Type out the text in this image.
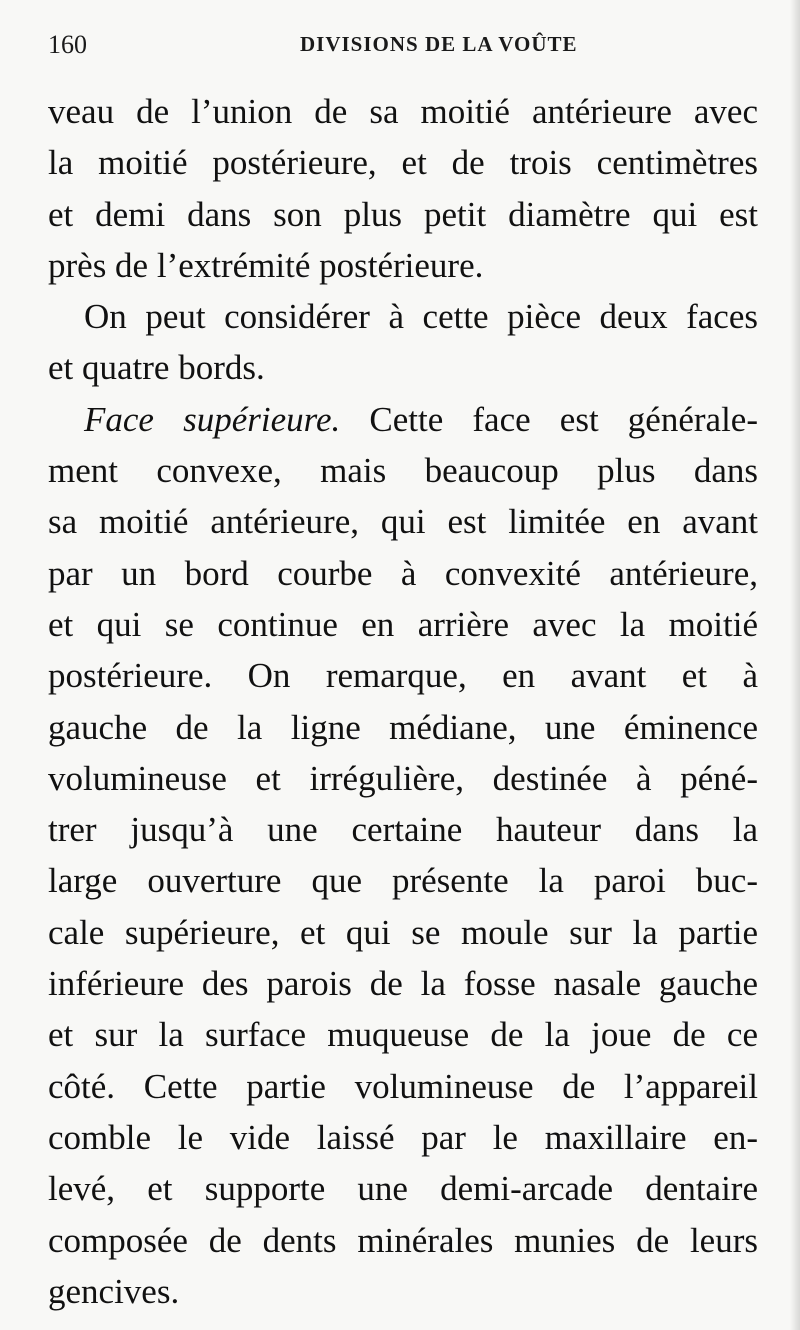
160	DIVISIONS DE LA VOÛTE
veau de l’union de sa moitié antérieure avec
la moitié postérieure, et de trois centimètres
et demi dans son plus petit diamètre qui est
près de l’extrémité postérieure.
On peut considérer à cette pièce deux faces
et quatre bords.
Face supérieure. Cette face est générale-
ment convexe, mais beaucoup plus dans
sa moitié antérieure, qui est limitée en avant
par un bord courbe à convexité antérieure,
et qui se continue en arrière avec la moitié
postérieure. On remarque, en avant et à
gauche de la ligne médiane, une éminence
volumineuse et irrégulière, destinée à péné-
trer jusqu’à une certaine hauteur dans la
large ouverture que présente la paroi buc-
cale supérieure, et qui se moule sur la partie
inférieure des parois de la fosse nasale gauche
et sur la surface muqueuse de la joue de ce
côté. Cette partie volumineuse de l’appareil
comble le vide laissé par le maxillaire en-
levé, et supporte une demi-arcade dentaire
composée de dents minérales munies de leurs
gencives.
